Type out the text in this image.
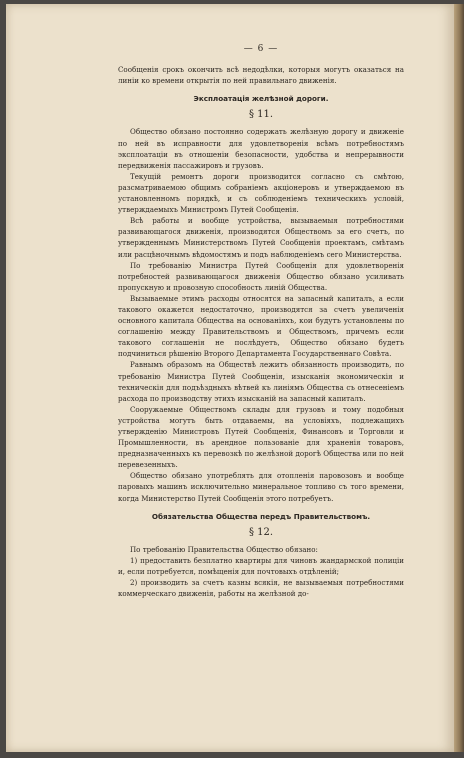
— 6 —

Сообщенія срокъ окончить всѣ недодѣлки, которыя могутъ оказаться на линіи ко времени открытія по ней правильнаго движенія.

Эксплоатація желѣзной дороги.
§ 11.

Общество обязано постоянно содержать желѣзную дорогу и движеніе по ней въ исправности для удовлетворенія всѣмъ потребностямъ эксплоатаціи въ отношеніи безопасности, удобства и непрерывности передвиженія пассажировъ и грузовъ.

Текущій ремонтъ дороги производится согласно съ смѣтою, разсматриваемою общимъ собраніемъ акціонеровъ и утверждаемою въ установленномъ порядкѣ, и съ соблюденіемъ техническихъ условій, утверждаемыхъ Министромъ Путей Сообщенія.

Всѣ работы и вообще устройства, вызываемыя потребностями развивающагося движенія, производятся Обществомъ за его счетъ, по утвержденнымъ Министерствомъ Путей Сообщенія проектамъ, смѣтамъ или расцѣночнымъ вѣдомостямъ и подъ наблюденіемъ сего Министерства.

По требованію Министра Путей Сообщенія для удовлетворенія потребностей развивающагося движенія Общество обязано усиливать пропускную и провозную способность линій Общества.

Вызываемые этимъ расходы относятся на запасный капиталъ, а если такового окажется недостаточно, производятся за счетъ увеличенія основного капитала Общества на основаніяхъ, кои будутъ установлены по соглашенію между Правительствомъ и Обществомъ, причемъ если такового соглашенія не послѣдуетъ, Общество обязано будетъ подчиниться рѣшенію Второго Департамента Государственнаго Совѣта.

Равнымъ образомъ на Обществѣ лежитъ обязанность производить, по требованію Министра Путей Сообщенія, изысканія экономическія и техническія для подъѣздныхъ вѣтвей къ линіямъ Общества съ отнесеніемъ расхода по производству этихъ изысканій на запасный капиталъ.

Сооружаемые Обществомъ склады для грузовъ и тому подобныя устройства могутъ быть отдаваемы, на условіяхъ, подлежащихъ утвержденію Министровъ Путей Сообщенія, Финансовъ и Торговли и Промышленности, въ арендное пользованіе для храненія товаровъ, предназначенныхъ къ перевозкѣ по желѣзной дорогѣ Общества или по ней перевезенныхъ.

Общество обязано употреблять для отопленія паровозовъ и вообще паровыхъ машинъ исключительно минеральное топливо съ того времени, когда Министерство Путей Сообщенія этого потребуетъ.

Обязательства Общества передъ Правительствомъ.
§ 12.

По требованію Правительства Общество обязано:

1) предоставить безплатно квартиры для чиновъ жандармской полиціи и, если потребуется, помѣщенія для почтовыхъ отдѣленій;

2) производить за счетъ казны всякія, не вызываемыя потребностями коммерческаго движенія, работы на желѣзной до-
